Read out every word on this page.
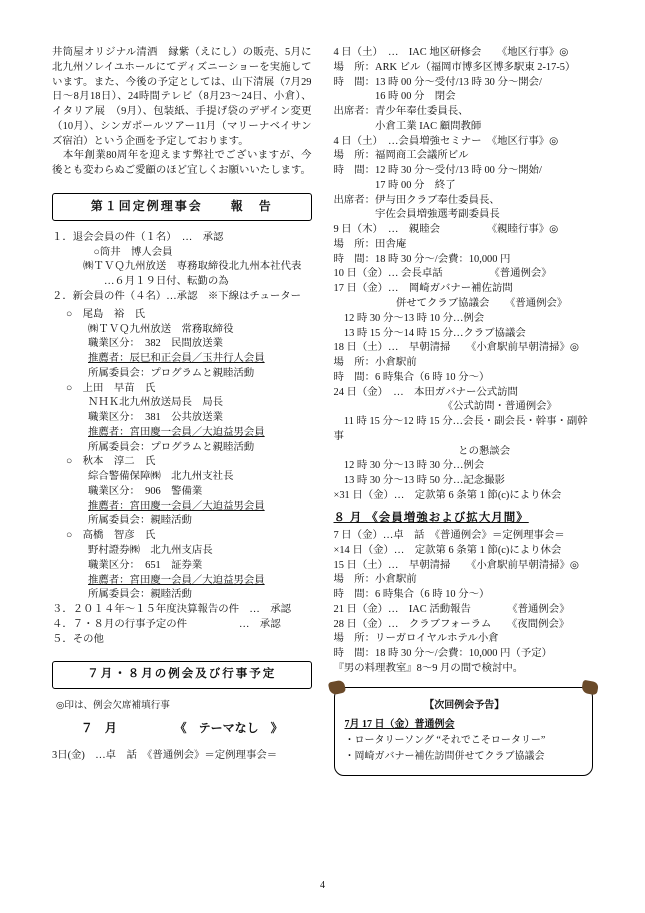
井筒屋オリジナル清酒　縁紫（えにし）の販売、5月に北九州ソレイユホールにてディズニーショーを実施しています。また、今後の予定としては、山下清展（7月29日～8月18日）、24時間テレビ（8月23～24日、小倉）、イタリア展　（9月）、包装紙、手提げ袋のデザイン変更　（10月）、シンガポールツアー11月（マリーナベイサンズ宿泊）という企画を予定しております。

　本年創業80周年を迎えます弊社でございますが、今後とも変わらぬご愛顧のほど宜しくお願いいたします。

第１回定例理事会　　報　告
１．退会会員の件（１名）　…　承認
　　　　○筒井　博人会員
　　　㈱ＴＶＱ九州放送　専務取締役北九州本社代表
　　　　　…６月１９日付、転勤の為
２．新会員の件（４名）…承認　※下線はチューター
○　尾島　裕　氏
㈱ＴＶＱ九州放送　常務取締役
職業区分：　382　民間放送業
推薦者：辰巳和正会員／玉井行人会員
所属委員会：プログラムと親睦活動
○　上田　早苗　氏
ＮＨＫ北九州放送局長　局長
職業区分：　381　公共放送業
推薦者：宮田慶一会員／大迫益男会員
所属委員会：プログラムと親睦活動
○　秋本　淳二　氏
綜合警備保障㈱　北九州支社長
職業区分：　906　警備業
推薦者：宮田慶一会員／大迫益男会員
所属委員会：親睦活動
○　高橋　智彦　氏
野村證券㈱　北九州支店長
職業区分：　651　証券業
推薦者：宮田慶一会員／大迫益男会員
所属委員会：親睦活動
３．２０１４年～１５年度決算報告の件　…　承認
４．７・８月の行事予定の件　　　　　…　承認
５．その他
７月・８月の例会及び行事予定
◎印は、例会欠席補填行事
７　月	《　テーマなし　》
3日(金)　…卓　話　《普通例会》＝定例理事会＝
4 日（土）　…　IAC 地区研修会　　《地区行事》◎
場　所：ARK ビル（福岡市博多区博多駅東 2-17-5）
時　間：13 時 00 分～受付/13 時 30 分～開会/
　　　　16 時 00 分　閉会
出席者：青少年奉仕委員長、
　　　　小倉工業 IAC 顧問教師
4 日（土）　…会員増強セミナー　《地区行事》◎
場　所：福岡商工会議所ビル
時　間：12 時 30 分～受付/13 時 00 分～開始/
　　　　17 時 00 分　終了
出席者：伊与田クラブ奉仕委員長、
　　　　宇佐会員増強選考副委員長
9 日（木）　…　親睦会　　　　　《親睦行事》◎
場　所：田舎庵
時　間：18 時 30 分～/会費：10,000 円
10 日（金）… 会長卓話　　　　　《普通例会》
17 日（金）…　岡崎ガバナー補佐訪問
　　　　　　併せてクラブ協議会　　《普通例会》
　12 時 30 分～13 時 10 分…例会
　13 時 15 分～14 時 15 分…クラブ協議会
18 日（土）…　早朝清掃　　《小倉駅前早朝清掃》◎
場　所：小倉駅前
時　間：6 時集合（6 時 10 分～）
24 日（金）　…　本田ガバナー公式訪問
　　　　　　　　　　　《公式訪問・普通例会》
　11 時 15 分～12 時 15 分…会長・副会長・幹事・副幹事
　　　　　　　　　　　　との懇談会
　12 時 30 分～13 時 30 分…例会
　13 時 30 分～13 時 50 分…記念撮影
×31 日（金）…　定款第 6 条第 1 節(c)により休会
８ 月 《会員増強および拡大月間》
7 日（金）…卓　話　《普通例会》＝定例理事会＝
×14 日（金）…　定款第 6 条第 1 節(c)により休会
15 日（土）…　早朝清掃　　《小倉駅前早朝清掃》◎
場　所：小倉駅前
時　間：6 時集合（6 時 10 分～）
21 日（金）…　IAC 活動報告　　　　《普通例会》
28 日（金）…　クラブフォーラム　　《夜間例会》
場　所：リーガロイヤルホテル小倉
時　間：18 時 30 分～/会費：10,000 円（予定）
『男の料理教室』8～9 月の間で検討中。
【次回例会予告】
7月 17 日（金）普通例会
・ロータリーソング “それでこそロータリー”
・岡崎ガバナー補佐訪問併せてクラブ協議会
4
